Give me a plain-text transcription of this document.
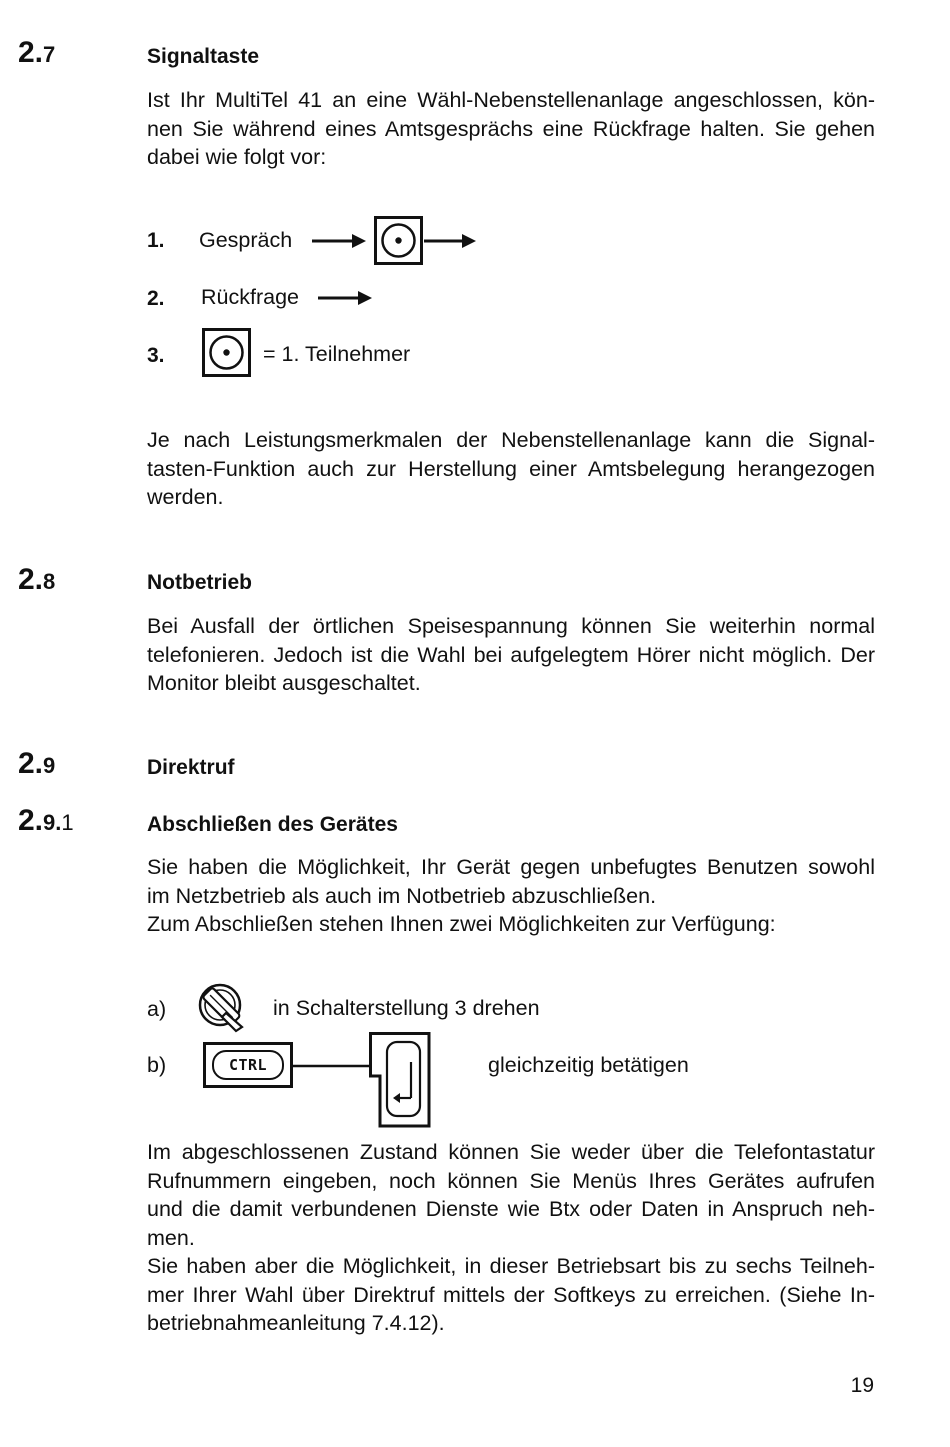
2.7	Signaltaste
Ist Ihr MultiTel 41 an eine Wähl-Nebenstellenanlage angeschlossen, kön-
nen Sie während eines Amtsgesprächs eine Rückfrage halten. Sie gehen
dabei wie folgt vor:
1. Gespräch
2. Rückfrage
3.	= 1. Teilnehmer
Je nach Leistungsmerkmalen der Nebenstellenanlage kann die Signal-
tasten-Funktion auch zur Herstellung einer Amtsbelegung herangezogen
werden.
2.8	Notbetrieb
Bei Ausfall der örtlichen Speisespannung können Sie weiterhin normal
telefonieren. Jedoch ist die Wahl bei aufgelegtem Hörer nicht möglich. Der
Monitor bleibt ausgeschaltet.
2.9	Direktruf
2.9.1	Abschließen des Gerätes
Sie haben die Möglichkeit, Ihr Gerät gegen unbefugtes Benutzen sowohl
im Netzbetrieb als auch im Notbetrieb abzuschließen.
Zum Abschließen stehen Ihnen zwei Möglichkeiten zur Verfügung:
a)	in Schalterstellung 3 drehen
b)	CTRL	gleichzeitig betätigen
Im abgeschlossenen Zustand können Sie weder über die Telefontastatur
Rufnummern eingeben, noch können Sie Menüs Ihres Gerätes aufrufen
und die damit verbundenen Dienste wie Btx oder Daten in Anspruch neh-
men.
Sie haben aber die Möglichkeit, in dieser Betriebsart bis zu sechs Teilneh-
mer Ihrer Wahl über Direktruf mittels der Softkeys zu erreichen. (Siehe In-
betriebnahmeanleitung 7.4.12).
19
